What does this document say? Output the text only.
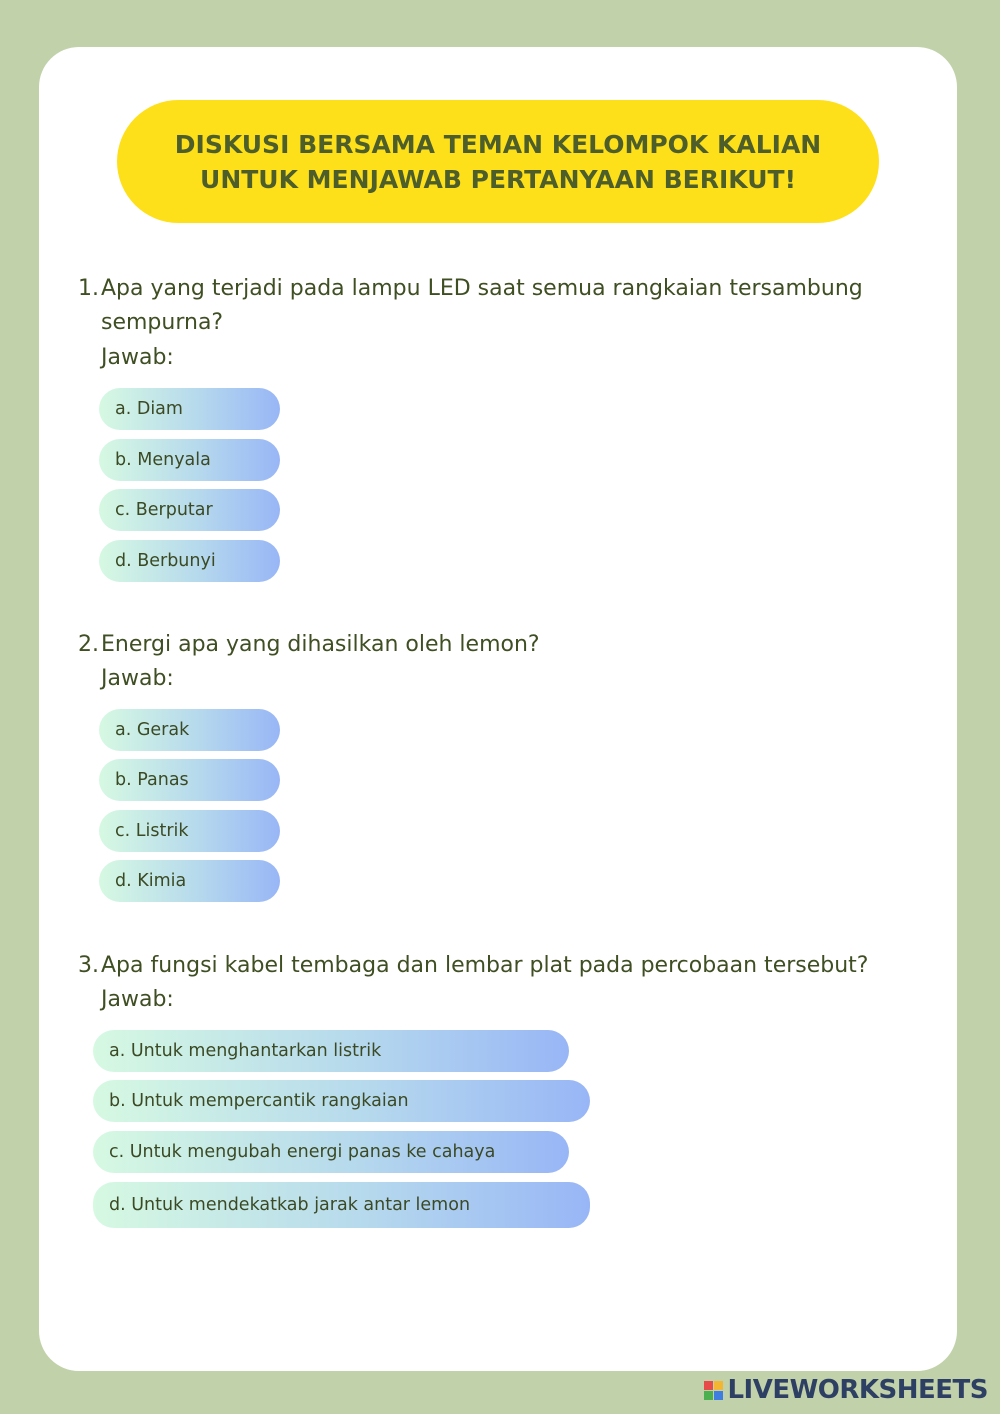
DISKUSI BERSAMA TEMAN KELOMPOK KALIAN
UNTUK MENJAWAB PERTANYAAN BERIKUT!
1. Apa yang terjadi pada lampu LED saat semua rangkaian tersambung
sempurna?
Jawab:
a. Diam
b. Menyala
c. Berputar
d. Berbunyi
2. Energi apa yang dihasilkan oleh lemon?
Jawab:
a. Gerak
b. Panas
c. Listrik
d. Kimia
3. Apa fungsi kabel tembaga dan lembar plat pada percobaan tersebut?
Jawab:
a. Untuk menghantarkan listrik
b. Untuk mempercantik rangkaian
c. Untuk mengubah energi panas ke cahaya
d. Untuk mendekatkab jarak antar lemon
LIVEWORKSHEETS
